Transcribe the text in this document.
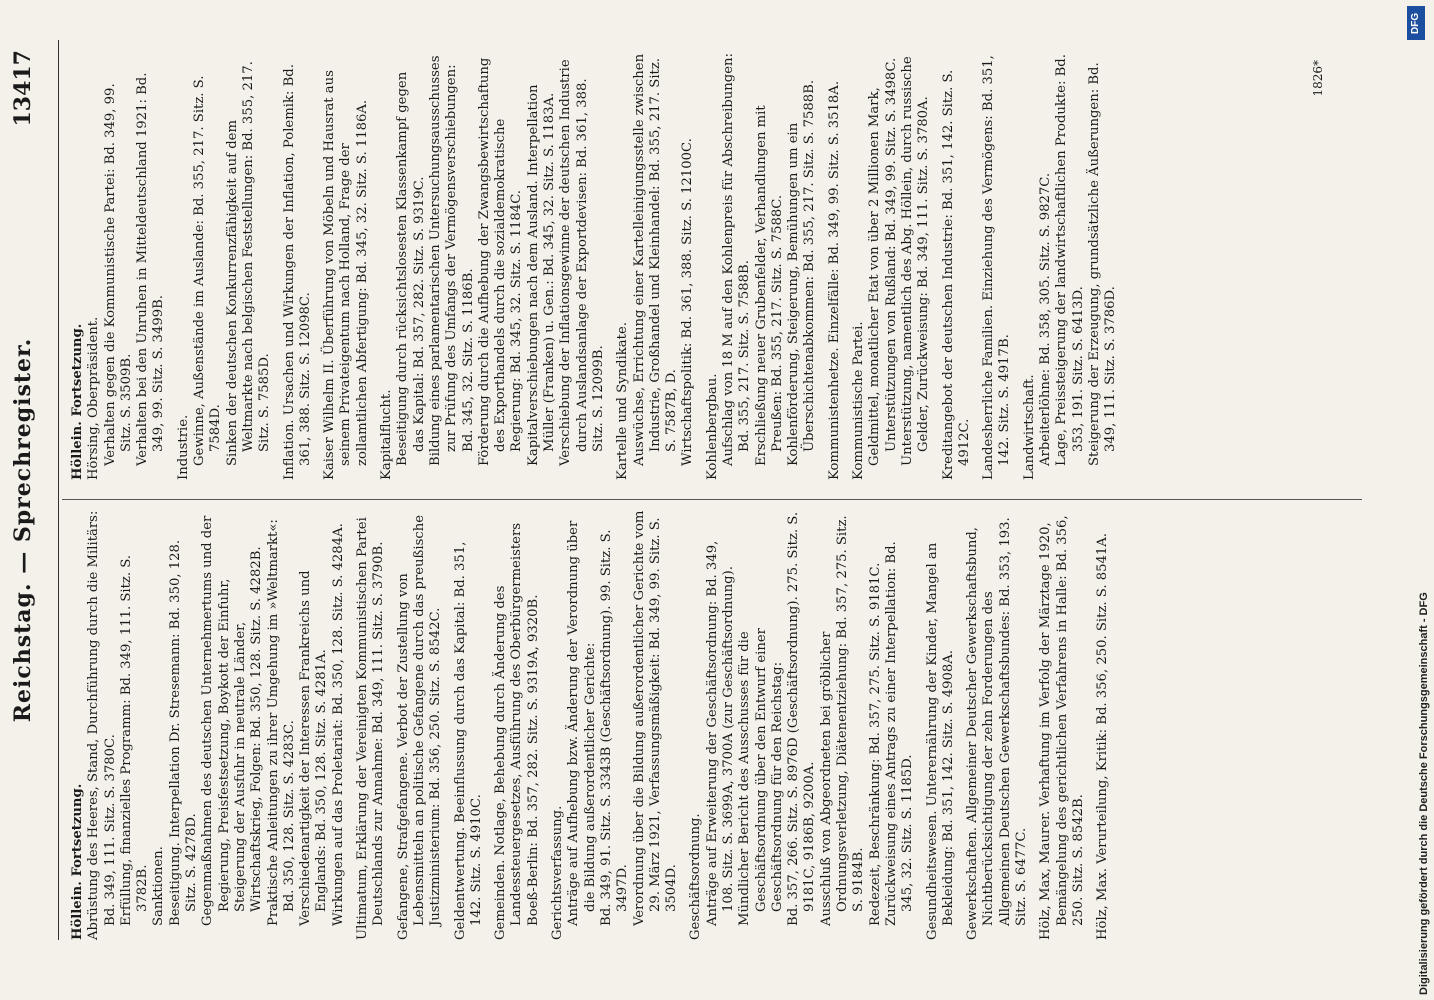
Reichstag. — Sprechregister.
13417
Höllein. Fortsetzung. Abrüstung des Heeres, Stand, Durchführung durch die Militärs: Bd. 349, 111. Sitz. S. 3780C. Erfüllung, finanzielles Programm: Bd. 349, 111. Sitz. S. 3782B. Sanktionen. Beseitigung. Interpellation Dr. Stresemann: Bd. 350, 128. Sitz. S. 4278D. Gegenmaßnahmen des deutschen Unternehmertums und der Regierung, Preisfestsetzung, Boykott der Einfuhr, Steigerung der Ausfuhr in neutrale Länder, Wirtschaftskrieg, Folgen: Bd. 350, 128. Sitz. S. 4282B. Praktische Anleitungen zu ihrer Umgehung im »Weltmarkt«: Bd. 350, 128. Sitz. S. 4283C. Verschiedenartigkeit der Interessen Frankreichs und Englands: Bd. 350, 128. Sitz. S. 4281A. Wirkungen auf das Proletariat: Bd. 350, 128. Sitz. S. 4284A. Ultimatum, Erklärung der Vereinigten Kommunistischen Partei Deutschlands zur Annahme: Bd. 349, 111. Sitz. S. 3790B. Gefangene, Strafgefangene. Verbot der Zustellung von Lebensmitteln an politische Gefangene durch das preußische Justizministerium: Bd. 356, 250. Sitz. S. 8542C. Geldentwertung. Beeinflussung durch das Kapital: Bd. 351, 142. Sitz. S. 4910C. Gemeinden. Notlage, Behebung durch Änderung des Landessteuergesetzes, Ausführung des Oberbürgermeisters Boeß-Berlin: Bd. 357, 282. Sitz. S. 9319A, 9320B. Gerichtsverfassung. Anträge auf Aufhebung bzw. Änderung der Verordnung über die Bildung außerordentlicher Gerichte: Bd. 349, 91. Sitz. S. 3343B (Geschäftsordnung). 99. Sitz. S. 3497D. Verordnung über die Bildung außerordentlicher Gerichte vom 29. März 1921, Verfassungsmäßigkeit: Bd. 349, 99. Sitz. S. 3504D. Geschäftsordnung. Anträge auf Erweiterung der Geschäftsordnung: Bd. 349, 108. Sitz. S. 3699A, 3700A (zur Geschäftsordnung). Mündlicher Bericht des Ausschusses für die Geschäftsordnung über den Entwurf einer Geschäftsordnung für den Reichstag: Bd. 357, 266. Sitz. S. 8976D (Geschäftsordnung). 275. Sitz. S. 9181C, 9186B, 9200A. Ausschluß von Abgeordneten bei gröblicher Ordnungsverletzung, Diätenentziehung: Bd. 357, 275. Sitz. S. 9184B. Redezeit, Beschränkung: Bd. 357, 275. Sitz. S. 9181C. Zurückweisung eines Antrags zu einer Interpellation: Bd. 345, 32. Sitz. S. 1185D. Gesundheitswesen. Unterernährung der Kinder, Mangel an Bekleidung: Bd. 351, 142. Sitz. S. 4908A. Gewerkschaften. Allgemeiner Deutscher Gewerkschaftsbund, Nichtberücksichtigung der zehn Forderungen des Allgemeinen Deutschen Gewerkschaftsbundes: Bd. 353, 193. Sitz. S. 6477C. Hölz, Max, Maurer. Verhaftung im Verfolg der Märztage 1920, Bemängelung des gerichtlichen Verfahrens in Halle: Bd. 356, 250. Sitz. S. 8542B. Hölz, Max. Verurteilung, Kritik: Bd. 356, 250. Sitz. S. 8541A.
Höllein. Fortsetzung. Hörsing, Oberpräsident. Verhalten gegen die Kommunistische Partei: Bd. 349, 99. Sitz. S. 3509B. Verhalten bei den Unruhen in Mitteldeutschland 1921: Bd. 349, 99. Sitz. S. 3499B. Industrie. Gewinne, Außenstände im Auslande: Bd. 355, 217. Sitz. S. 7584D. Sinken der deutschen Konkurrenzfähigkeit auf dem Weltmarkte nach belgischen Feststellungen: Bd. 355, 217. Sitz. S. 7585D. Inflation. Ursachen und Wirkungen der Inflation, Polemik: Bd. 361, 388. Sitz. S. 12098C. Kaiser Wilhelm II. Überführung von Möbeln und Hausrat aus seinem Privateigentum nach Holland, Frage der zollamtlichen Abfertigung: Bd. 345, 32. Sitz. S. 1186A. Kapitalflucht. Beseitigung durch rücksichtslosesten Klassenkampf gegen das Kapital: Bd. 357, 282. Sitz. S. 9319C. Bildung eines parlamentarischen Untersuchungsausschusses zur Prüfung des Umfangs der Vermögensverschiebungen: Bd. 345, 32. Sitz. S. 1186B. Förderung durch die Aufhebung der Zwangsbewirtschaftung des Exporthandels durch die sozialdemokratische Regierung: Bd. 345, 32. Sitz. S. 1184C. Kapitalverschiebungen nach dem Ausland. Interpellation Müller (Franken) u. Gen.: Bd. 345, 32. Sitz. S. 1183A. Verschiebung der Inflationsgewinne der deutschen Industrie durch Auslandsanlage der Exportdevisen: Bd. 361, 388. Sitz. S. 12099B. Kartelle und Syndikate. Auswüchse, Errichtung einer Kartelleinigungsstelle zwischen Industrie, Großhandel und Kleinhandel: Bd. 355, 217. Sitz. S. 7587B, D. Wirtschaftspolitik: Bd. 361, 388. Sitz. S. 12100C. Kohlenbergbau. Aufschlag von 18 M auf den Kohlenpreis für Abschreibungen: Bd. 355, 217. Sitz. S. 7588B. Erschließung neuer Grubenfelder, Verhandlungen mit Preußen: Bd. 355, 217. Sitz. S. 7588C. Kohlenförderung, Steigerung, Bemühungen um ein Überschichtenabkommen: Bd. 355, 217. Sitz. S. 7588B. Kommunistenhetze. Einzelfälle: Bd. 349, 99. Sitz. S. 3518A. Kommunistische Partei. Geldmittel, monatlicher Etat von über 2 Millionen Mark, Unterstützungen von Rußland: Bd. 349, 99. Sitz. S. 3498C. Unterstützung, namentlich des Abg. Höllein, durch russische Gelder, Zurückweisung: Bd. 349, 111. Sitz. S. 3780A. Kreditangebot der deutschen Industrie: Bd. 351, 142. Sitz. S. 4912C. Landesherrliche Familien. Einziehung des Vermögens: Bd. 351, 142. Sitz. S. 4917B. Landwirtschaft. Arbeiterlöhne: Bd. 358, 305. Sitz. S. 9827C. Lage, Preissteigerung der landwirtschaftlichen Produkte: Bd. 353, 191. Sitz. S. 6413D. Steigerung der Erzeugung, grundsätzliche Äußerungen: Bd. 349, 111. Sitz. S. 3786D.
1826*
Digitalisierung gefördert durch die Deutsche Forschungsgemeinschaft - DFG
DFG
